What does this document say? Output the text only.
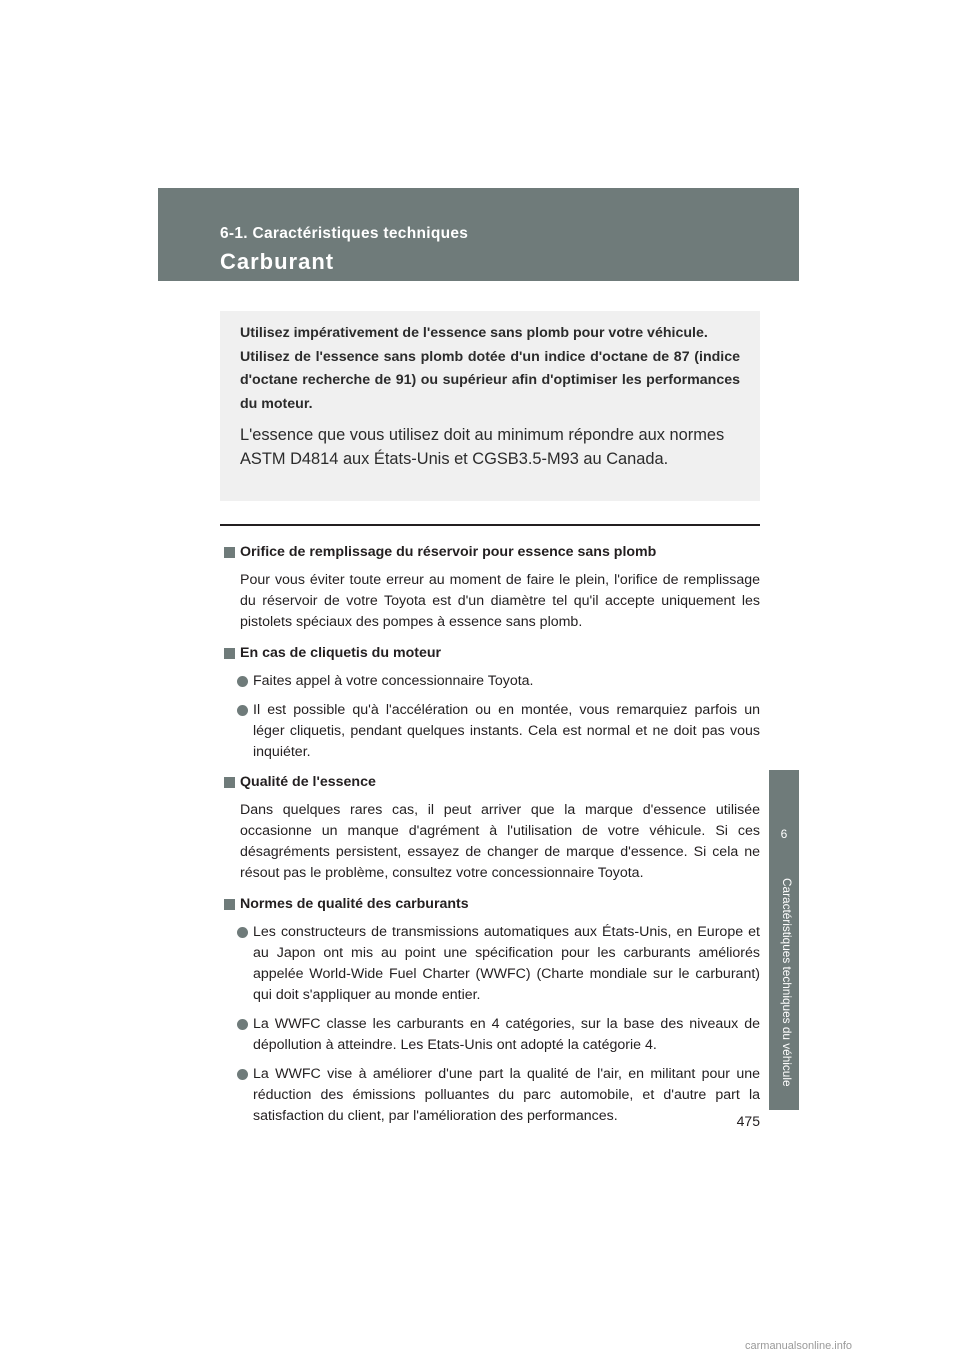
6-1. Caractéristiques techniques
Carburant

Utilisez impérativement de l'essence sans plomb pour votre véhicule.

Utilisez de l'essence sans plomb dotée d'un indice d'octane de 87 (indice d'octane recherche de 91) ou supérieur afin d'optimiser les performances du moteur.

L'essence que vous utilisez doit au minimum répondre aux normes ASTM D4814 aux États-Unis et CGSB3.5-M93 au Canada.

Orifice de remplissage du réservoir pour essence sans plomb

Pour vous éviter toute erreur au moment de faire le plein, l'orifice de remplissage du réservoir de votre Toyota est d'un diamètre tel qu'il accepte uniquement les pistolets spéciaux des pompes à essence sans plomb.

En cas de cliquetis du moteur

Faites appel à votre concessionnaire Toyota.

Il est possible qu'à l'accélération ou en montée, vous remarquiez parfois un léger cliquetis, pendant quelques instants. Cela est normal et ne doit pas vous inquiéter.

Qualité de l'essence

Dans quelques rares cas, il peut arriver que la marque d'essence utilisée occasionne un manque d'agrément à l'utilisation de votre véhicule. Si ces désagréments persistent, essayez de changer de marque d'essence. Si cela ne résout pas le problème, consultez votre concessionnaire Toyota.

Normes de qualité des carburants

Les constructeurs de transmissions automatiques aux États-Unis, en Europe et au Japon ont mis au point une spécification pour les carburants améliorés appelée World-Wide Fuel Charter (WWFC) (Charte mondiale sur le carburant) qui doit s'appliquer au monde entier.

La WWFC classe les carburants en 4 catégories, sur la base des niveaux de dépollution à atteindre. Les Etats-Unis ont adopté la catégorie 4.

La WWFC vise à améliorer d'une part la qualité de l'air, en militant pour une réduction des émissions polluantes du parc automobile, et d'autre part la satisfaction du client, par l'amélioration des performances.

6
Caractéristiques techniques du véhicule
475
carmanualsonline.info
